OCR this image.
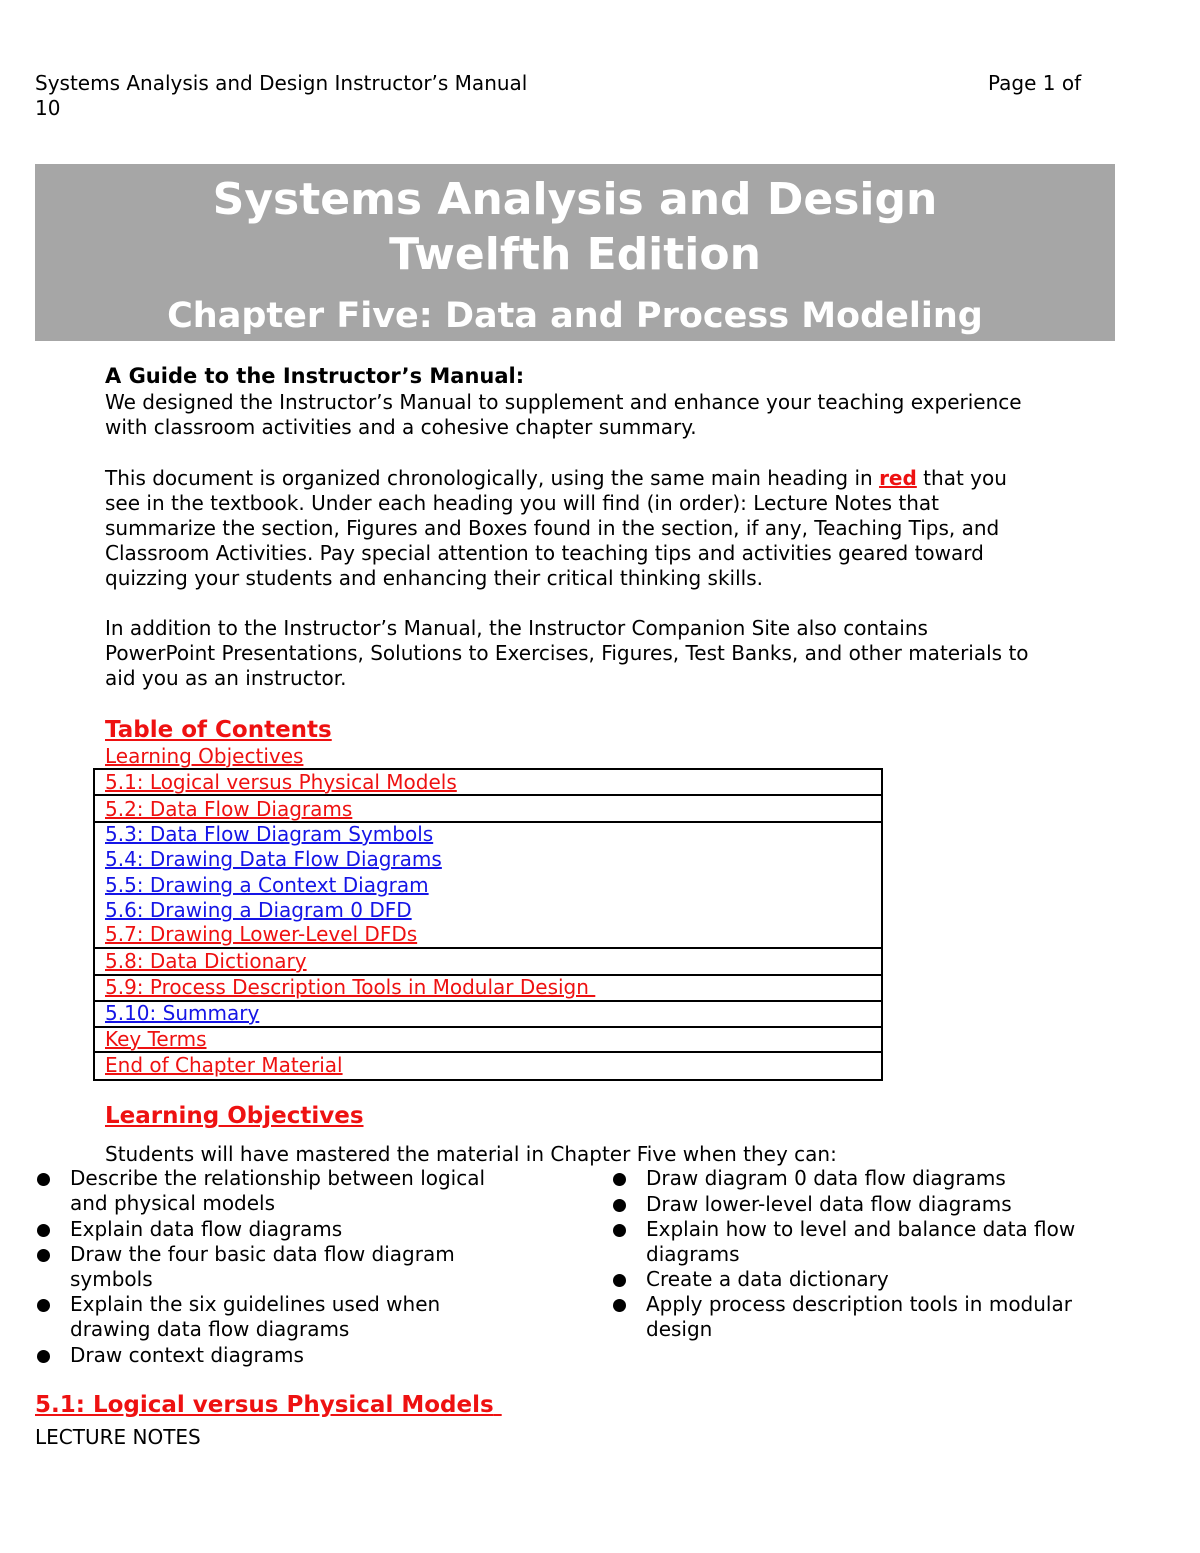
Systems Analysis and Design Instructor’s Manual	Page 1 of
10
Systems Analysis and Design
Twelfth Edition
Chapter Five: Data and Process Modeling
A Guide to the Instructor’s Manual:
We designed the Instructor’s Manual to supplement and enhance your teaching experience
with classroom activities and a cohesive chapter summary.
This document is organized chronologically, using the same main heading in red that you
see in the textbook. Under each heading you will find (in order): Lecture Notes that
summarize the section, Figures and Boxes found in the section, if any, Teaching Tips, and
Classroom Activities. Pay special attention to teaching tips and activities geared toward
quizzing your students and enhancing their critical thinking skills.
In addition to the Instructor’s Manual, the Instructor Companion Site also contains
PowerPoint Presentations, Solutions to Exercises, Figures, Test Banks, and other materials to
aid you as an instructor.
Table of Contents
Learning Objectives
5.1: Logical versus Physical Models
5.2: Data Flow Diagrams
5.3: Data Flow Diagram Symbols
5.4: Drawing Data Flow Diagrams
5.5: Drawing a Context Diagram
5.6: Drawing a Diagram 0 DFD
5.7: Drawing Lower-Level DFDs
5.8: Data Dictionary
5.9: Process Description Tools in Modular Design
5.10: Summary
Key Terms
End of Chapter Material
Learning Objectives
Students will have mastered the material in Chapter Five when they can:
Describe the relationship between logical
and physical models
Explain data flow diagrams
Draw the four basic data flow diagram
symbols
Explain the six guidelines used when
drawing data flow diagrams
Draw context diagrams
Draw diagram 0 data flow diagrams
Draw lower-level data flow diagrams
Explain how to level and balance data flow
diagrams
Create a data dictionary
Apply process description tools in modular
design
5.1: Logical versus Physical Models
LECTURE NOTES
